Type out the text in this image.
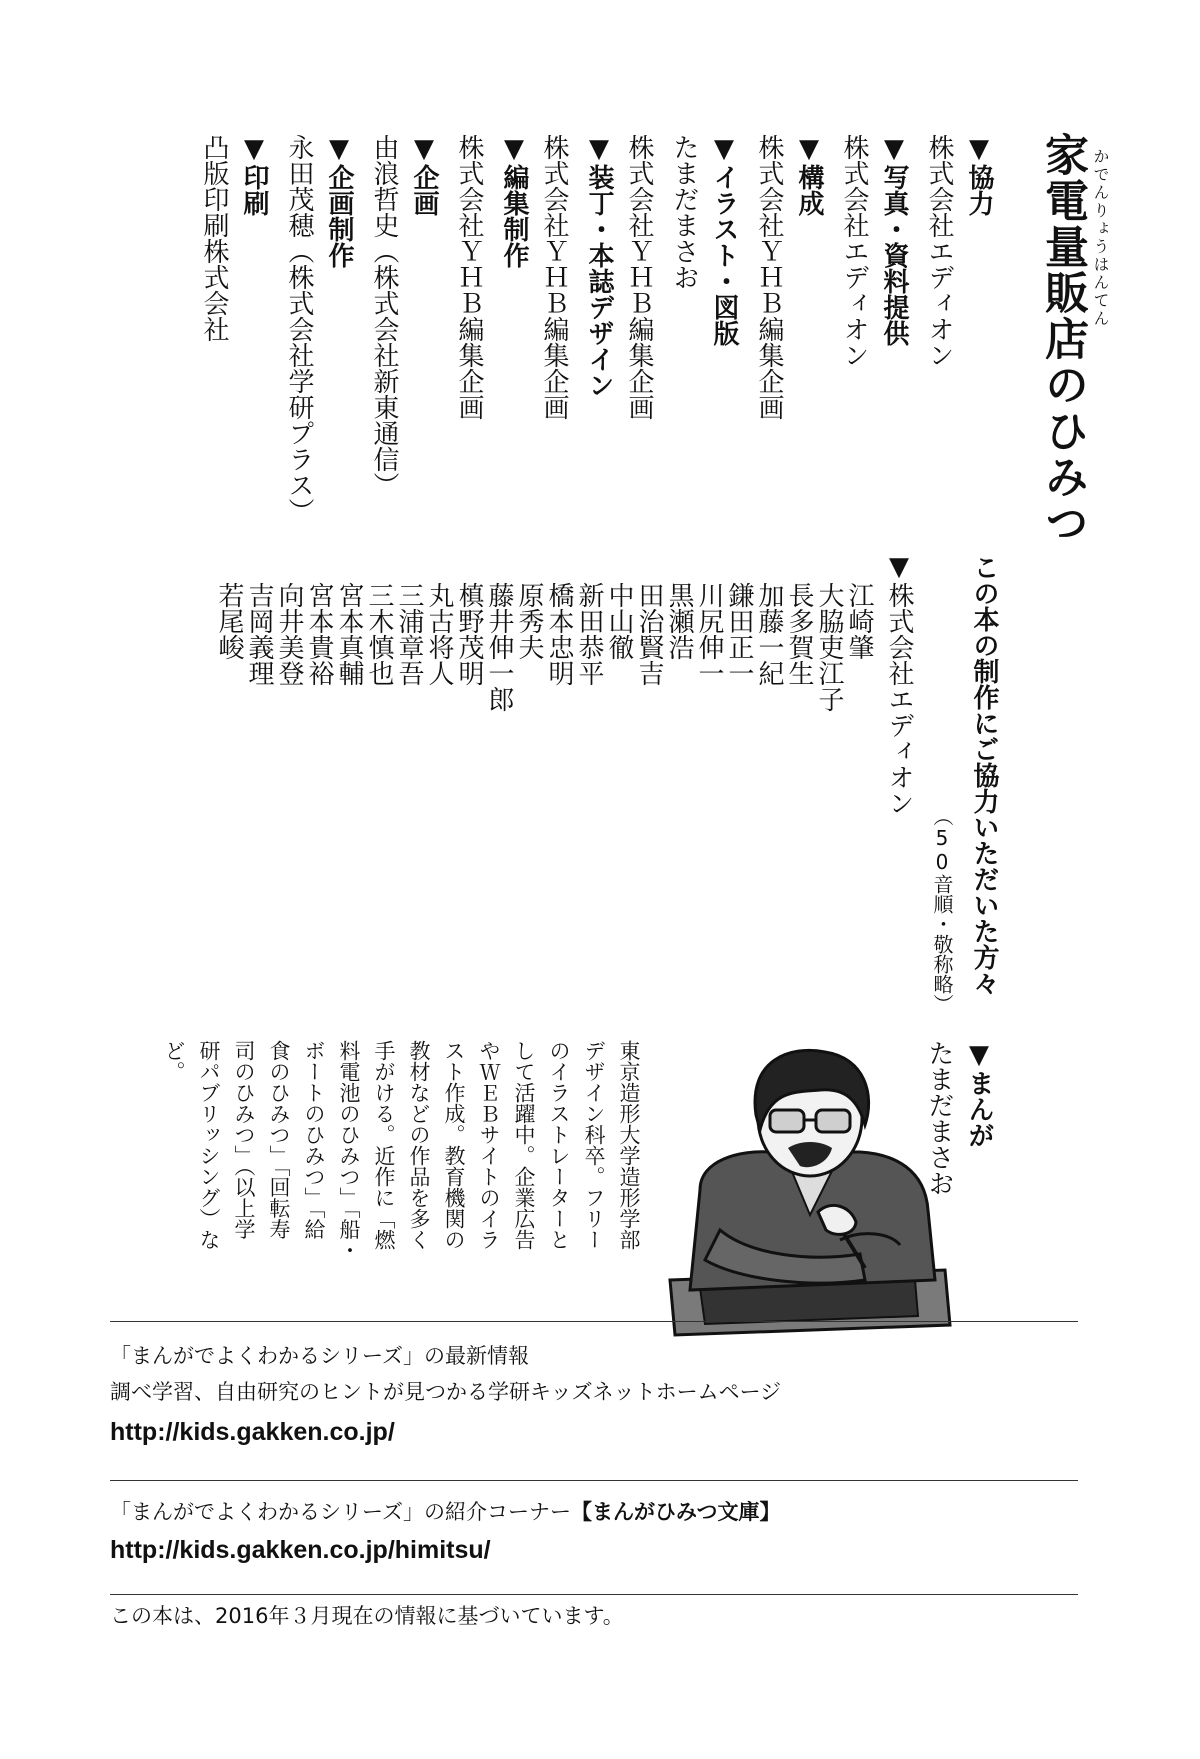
家電量販店のひみつ かでんりょうはんてん
▼協力
株式会社エディオン
▼写真・資料提供
株式会社エディオン
▼構成
株式会社ＹＨＢ編集企画
▼イラスト・図版
たまだまさお
株式会社ＹＨＢ編集企画
▼装丁・本誌デザイン
株式会社ＹＨＢ編集企画
▼編集制作
株式会社ＹＨＢ編集企画
▼企画
由浪哲史（株式会社新東通信）
▼企画制作
永田茂穂（株式会社学研プラス）
▼印刷
凸版印刷株式会社
この本の制作にご協力いただいた方々
（50音順・敬称略）
▼株式会社エディオン
江崎肇
大脇吏江子
長多賀生
加藤一紀
鎌田正一
川尻伸一
黒瀬浩
田治賢吉
中山徹
新田恭平
橋本忠明
原秀夫
藤井伸一郎
槙野茂明
丸古将人
三浦章吾
三木慎也
宮本真輔
宮本貴裕
向井美登
吉岡義理
若尾峻
▼まんが
たまだまさお
東京造形大学造形学部
デザイン科卒。フリー
のイラストレーターと
して活躍中。企業広告
やＷＥＢサイトのイラ
スト作成。教育機関の
教材などの作品を多く
手がける。近作に「燃
料電池のひみつ」「船・
ボートのひみつ」「給
食のひみつ」「回転寿
司のひみつ」（以上学
研パブリッシング）な
ど。
「まんがでよくわかるシリーズ」の最新情報
調べ学習、自由研究のヒントが見つかる学研キッズネットホームページ
http://kids.gakken.co.jp/
「まんがでよくわかるシリーズ」の紹介コーナー【まんがひみつ文庫】
http://kids.gakken.co.jp/himitsu/
この本は、2016年３月現在の情報に基づいています。
